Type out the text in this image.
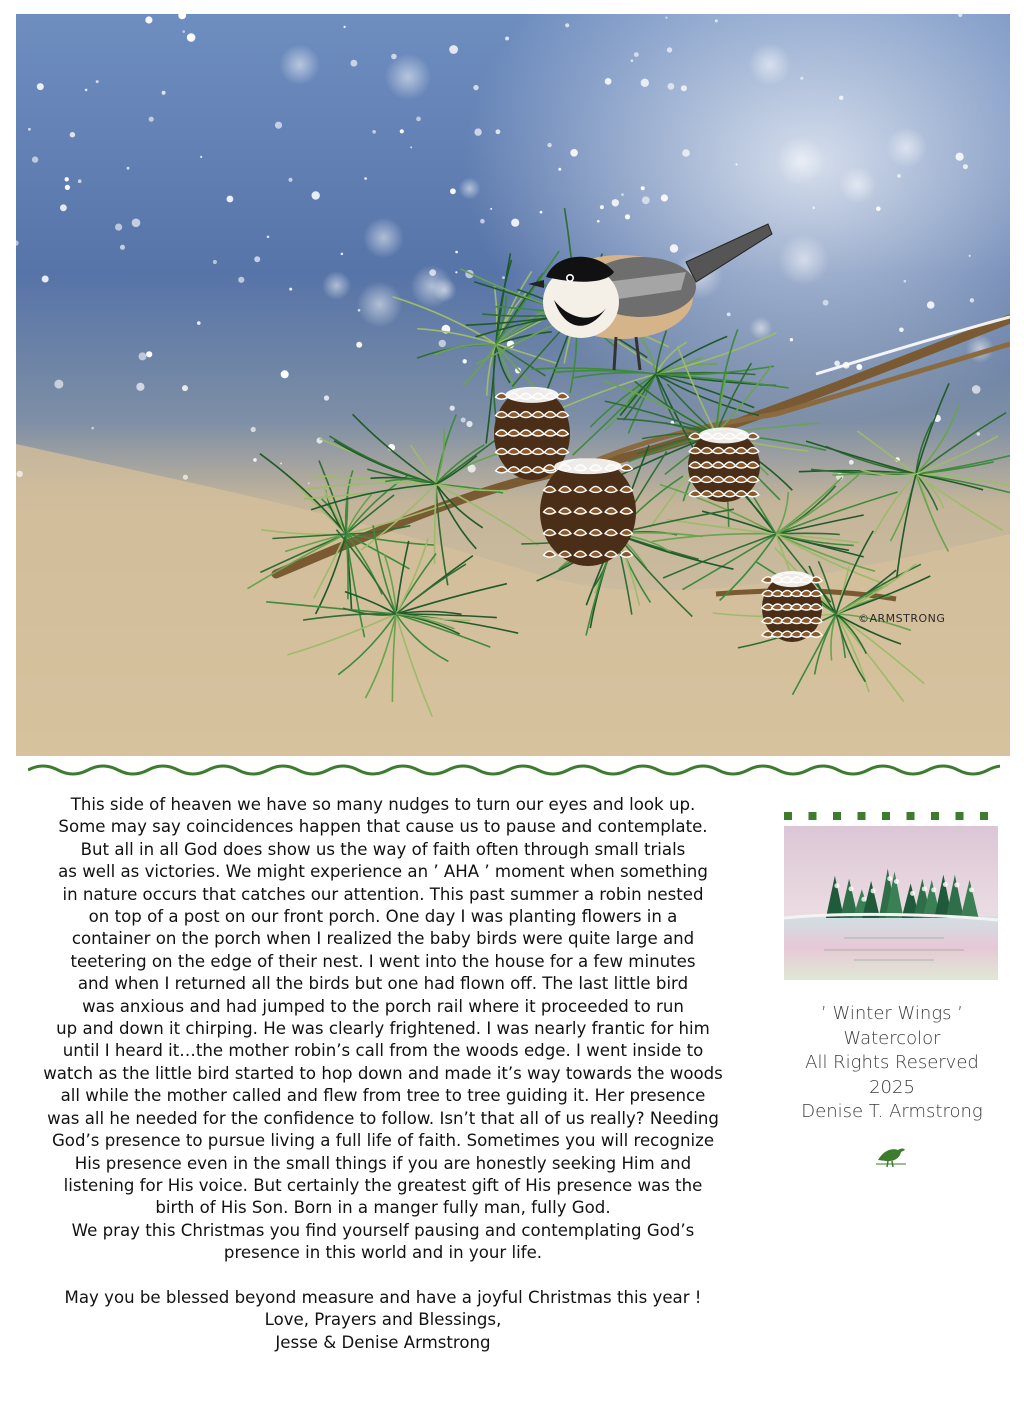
©ARMSTRONG
This side of heaven we have so many nudges to turn our eyes and look up.
Some may say coincidences happen that cause us to pause and contemplate.
But all in all God does show us the way of faith often through small trials
as well as victories. We might experience an ’ AHA ’ moment when something
in nature occurs that catches our attention. This past summer a robin nested
on top of a post on our front porch. One day I was planting flowers in a
container on the porch when I realized the baby birds were quite large and
teetering on the edge of their nest. I went into the house for a few minutes
and when I returned all the birds but one had flown off. The last little bird
was anxious and had jumped to the porch rail where it proceeded to run
up and down it chirping. He was clearly frightened. I was nearly frantic for him
until I heard it…the mother robin’s call from the woods edge. I went inside to
watch as the little bird started to hop down and made it’s way towards the woods
all while the mother called and flew from tree to tree guiding it. Her presence
was all he needed for the confidence to follow. Isn’t that all of us really? Needing
God’s presence to pursue living a full life of faith. Sometimes you will recognize
His presence even in the small things if you are honestly seeking Him and
listening for His voice. But certainly the greatest gift of His presence was the
birth of His Son. Born in a manger fully man, fully God.
We pray this Christmas you find yourself pausing and contemplating God’s
presence in this world and in your life.
May you be blessed beyond measure and have a joyful Christmas this year !
Love, Prayers and Blessings,
Jesse & Denise Armstrong
’ Winter Wings ’
Watercolor
All Rights Reserved
2025
Denise T. Armstrong
